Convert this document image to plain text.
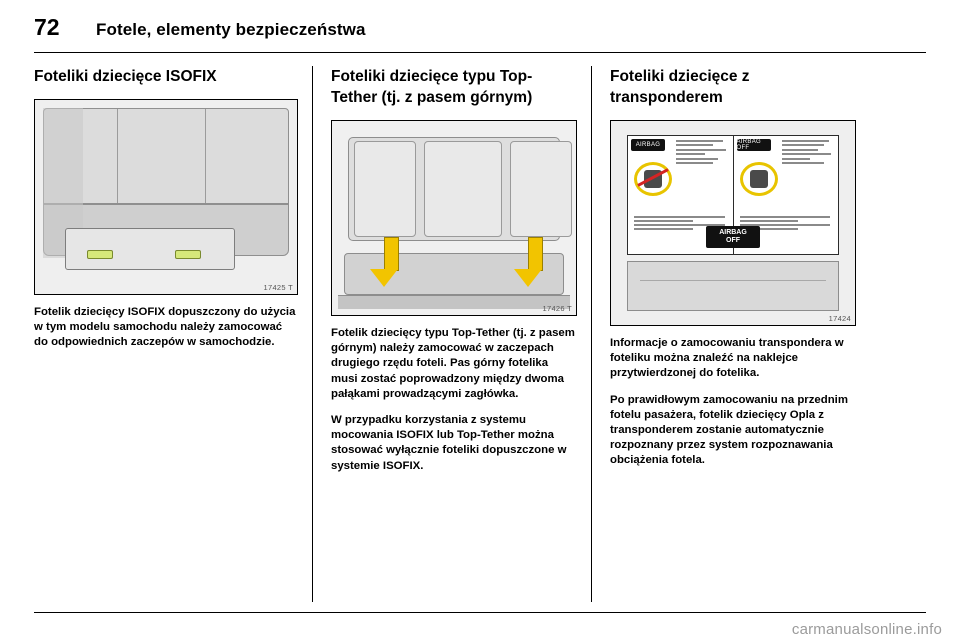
72	Fotele, elementy bezpieczeństwa
Foteliki dziecięce ISOFIX
17425 T

Fotelik dziecięcy ISOFIX dopuszczony do użycia w tym modelu samochodu należy zamocować do odpowiednich zaczepów w samochodzie.

Foteliki dziecięce typu Top-Tether (tj. z pasem górnym)
17426 T

Fotelik dziecięcy typu Top-Tether (tj. z pasem górnym) należy zamocować w zaczepach drugiego rzędu foteli. Pas górny fotelika musi zostać poprowadzony między dwoma pałąkami prowadzącymi zagłówka.

W przypadku korzystania z systemu mocowania ISOFIX lub Top-Tether można stosować wyłącznie foteliki dopuszczone w systemie ISOFIX.

Foteliki dziecięce z transponderem
AIRBAG	AIRBAG OFF
AIRBAG
OFF
17424

Informacje o zamocowaniu transpondera w foteliku można znaleźć na naklejce przytwierdzonej do fotelika.

Po prawidłowym zamocowaniu na przednim fotelu pasażera, fotelik dziecięcy Opla z transponderem zostanie automatycznie rozpoznany przez system rozpoznawania obciążenia fotela.

carmanualsonline.info
